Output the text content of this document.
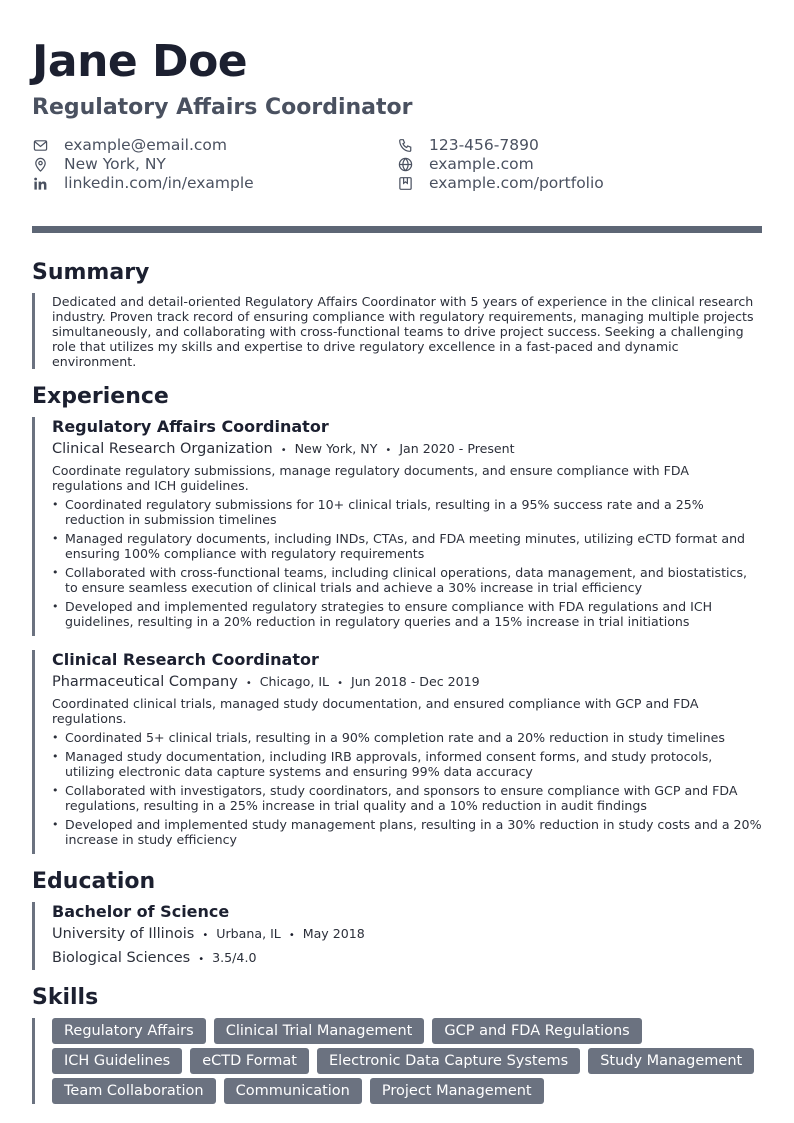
Jane Doe
Regulatory Affairs Coordinator
example@email.com	123-456-7890
New York, NY	example.com
linkedin.com/in/example	example.com/portfolio
Summary
Dedicated and detail-oriented Regulatory Affairs Coordinator with 5 years of experience in the clinical research industry. Proven track record of ensuring compliance with regulatory requirements, managing multiple projects simultaneously, and collaborating with cross-functional teams to drive project success. Seeking a challenging role that utilizes my skills and expertise to drive regulatory excellence in a fast-paced and dynamic environment.
Experience
Regulatory Affairs Coordinator
Clinical Research Organization • New York, NY • Jan 2020 - Present
Coordinate regulatory submissions, manage regulatory documents, and ensure compliance with FDA regulations and ICH guidelines.
• Coordinated regulatory submissions for 10+ clinical trials, resulting in a 95% success rate and a 25% reduction in submission timelines
• Managed regulatory documents, including INDs, CTAs, and FDA meeting minutes, utilizing eCTD format and ensuring 100% compliance with regulatory requirements
• Collaborated with cross-functional teams, including clinical operations, data management, and biostatistics, to ensure seamless execution of clinical trials and achieve a 30% increase in trial efficiency
• Developed and implemented regulatory strategies to ensure compliance with FDA regulations and ICH guidelines, resulting in a 20% reduction in regulatory queries and a 15% increase in trial initiations
Clinical Research Coordinator
Pharmaceutical Company • Chicago, IL • Jun 2018 - Dec 2019
Coordinated clinical trials, managed study documentation, and ensured compliance with GCP and FDA regulations.
• Coordinated 5+ clinical trials, resulting in a 90% completion rate and a 20% reduction in study timelines
• Managed study documentation, including IRB approvals, informed consent forms, and study protocols, utilizing electronic data capture systems and ensuring 99% data accuracy
• Collaborated with investigators, study coordinators, and sponsors to ensure compliance with GCP and FDA regulations, resulting in a 25% increase in trial quality and a 10% reduction in audit findings
• Developed and implemented study management plans, resulting in a 30% reduction in study costs and a 20% increase in study efficiency
Education
Bachelor of Science
University of Illinois • Urbana, IL • May 2018
Biological Sciences • 3.5/4.0
Skills
Regulatory Affairs	Clinical Trial Management	GCP and FDA Regulations
ICH Guidelines	eCTD Format	Electronic Data Capture Systems	Study Management
Team Collaboration	Communication	Project Management
